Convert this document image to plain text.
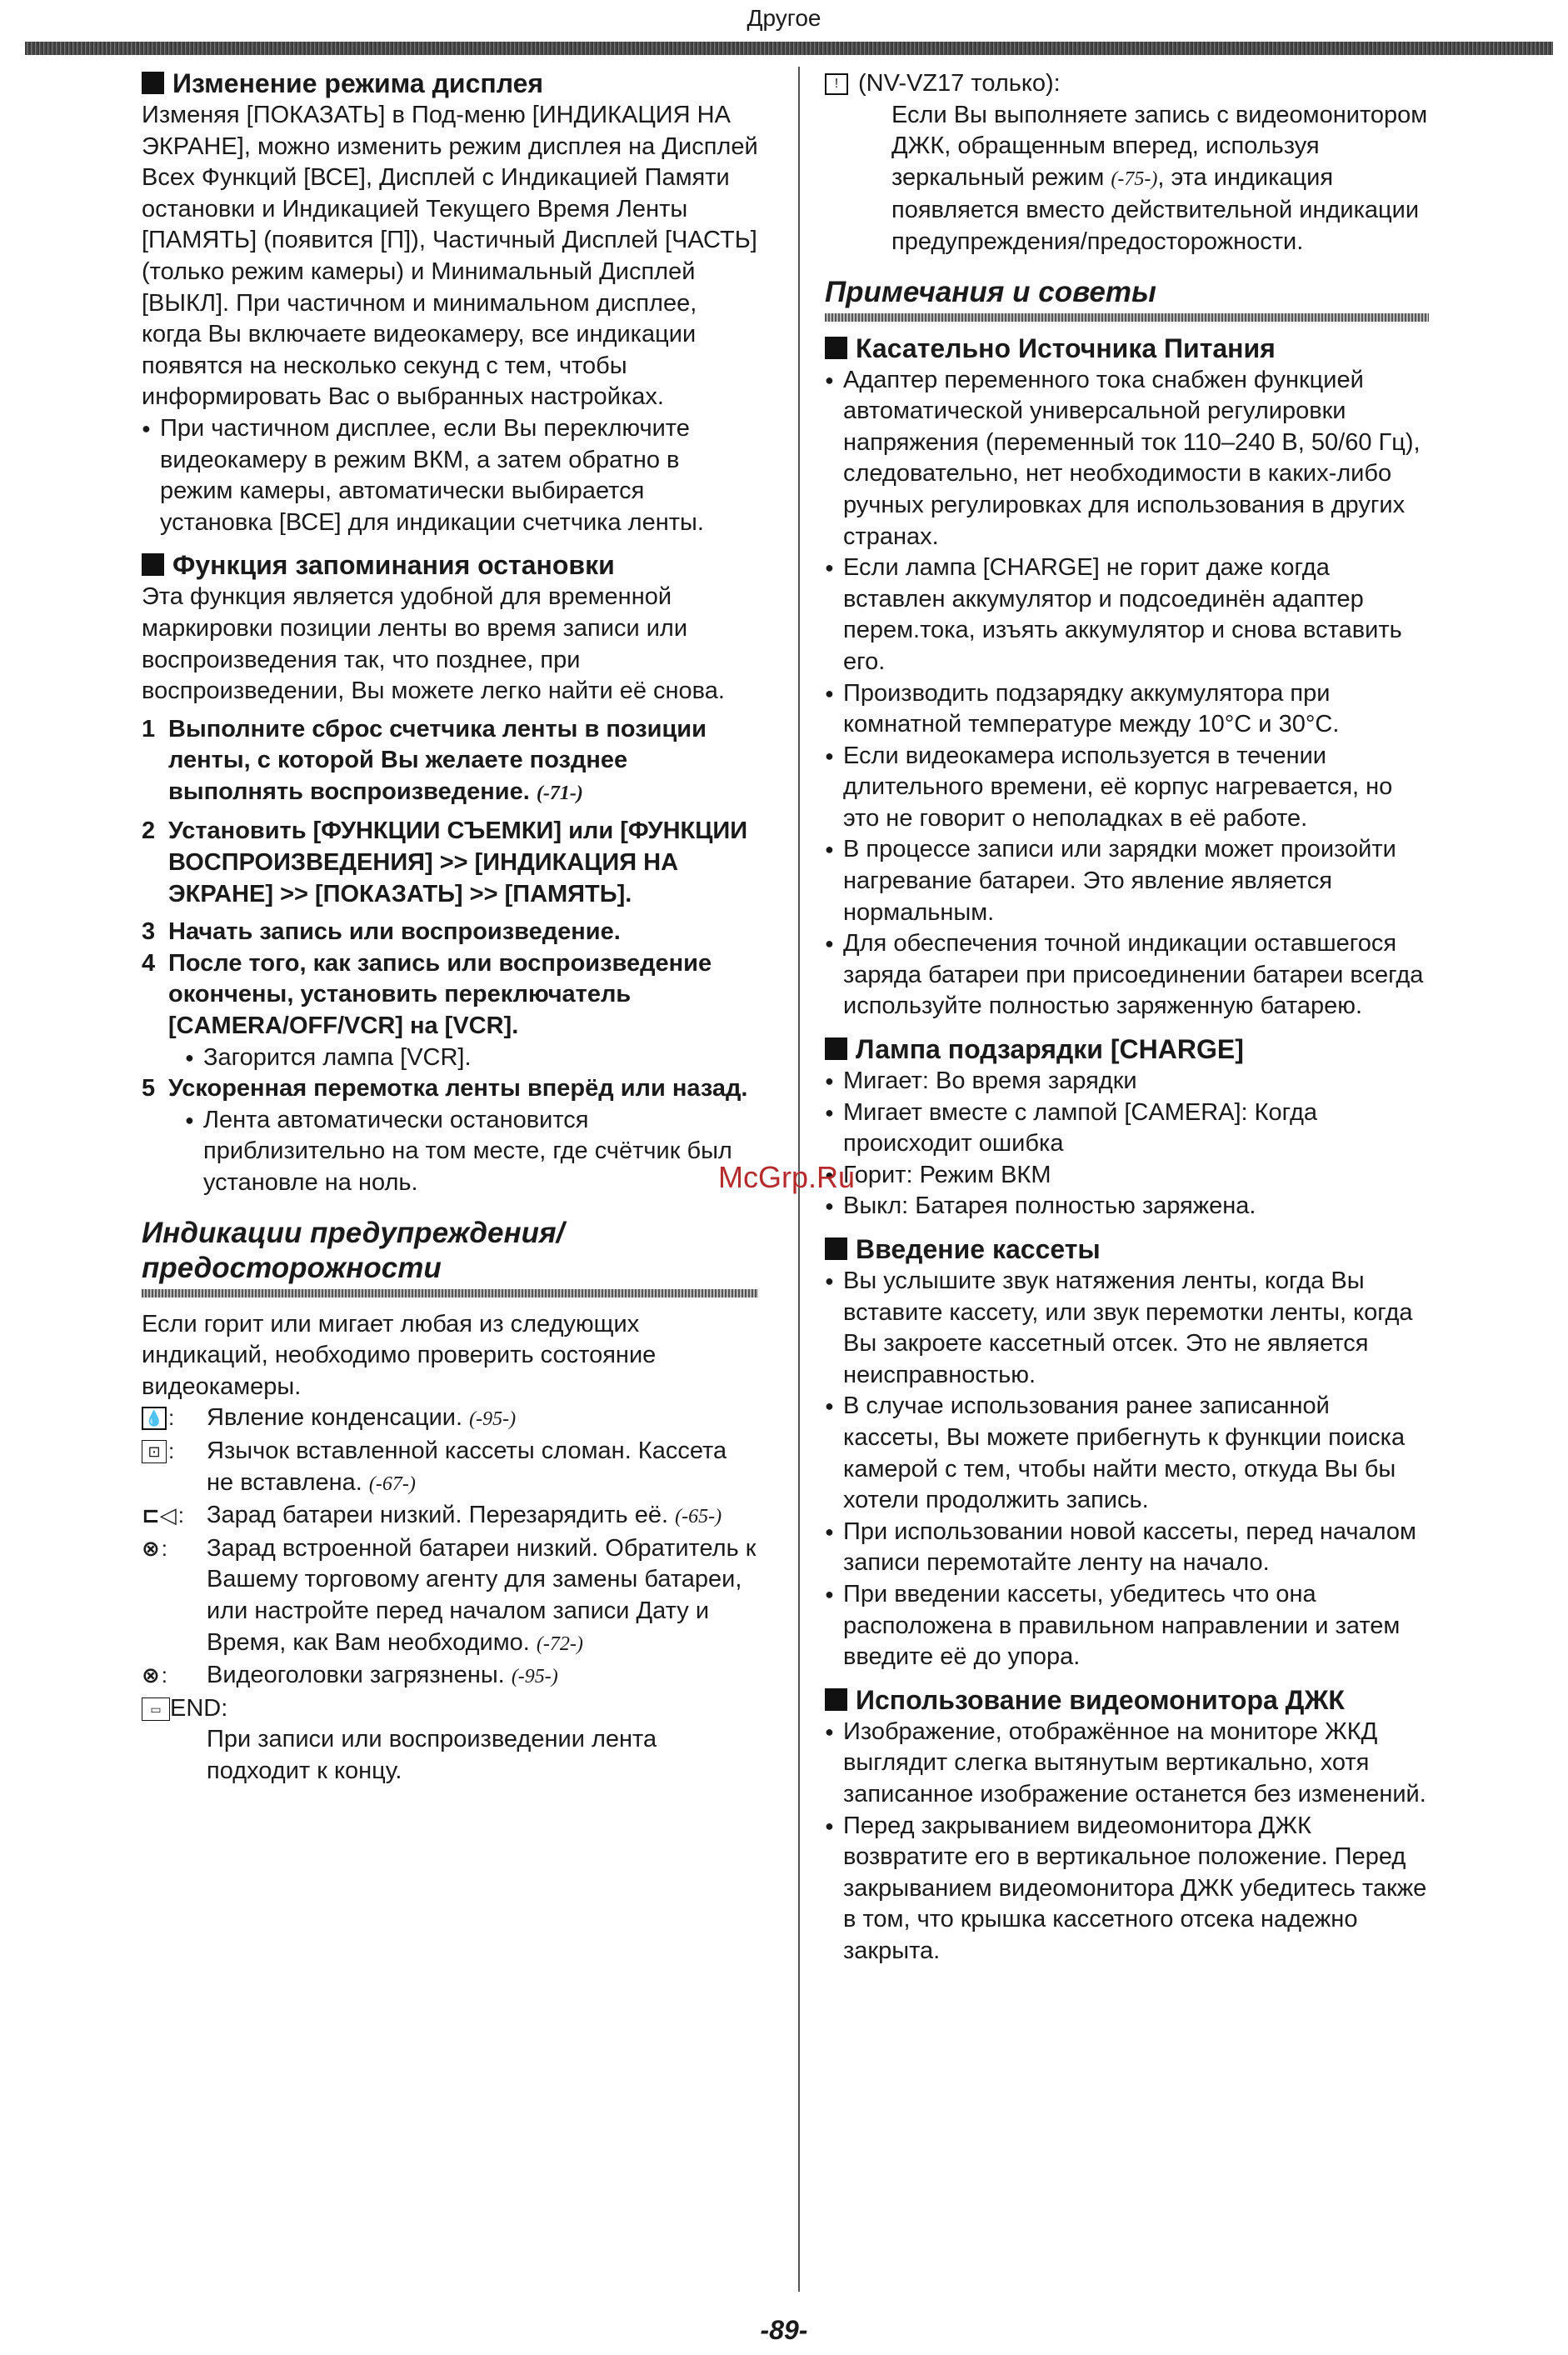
Другое
Изменение режима дисплея

Изменяя [ПОКАЗАТЬ] в Под-меню [ИНДИКАЦИЯ НА ЭКРАНЕ], можно изменить режим дисплея на Дисплей Всех Функций [ВСЕ], Дисплей с Индикацией Памяти остановки и Индикацией Текущего Время Ленты [ПАМЯТЬ] (появится [П]), Частичный Дисплей [ЧАСТЬ] (только режим камеры) и Минимальный Дисплей [ВЫКЛ]. При частичном и минимальном дисплее, когда Вы включаете видеокамеру, все индикации появятся на несколько секунд с тем, чтобы информировать Вас о выбранных настройках.

● При частичном дисплее, если Вы переключите видеокамеру в режим ВКМ, а затем обратно в режим камеры, автоматически выбирается установка [ВСЕ] для индикации счетчика ленты.

Функция запоминания остановки

Эта функция является удобной для временной маркировки позиции ленты во время записи или воспроизведения так, что позднее, при воспроизведении, Вы можете легко найти её снова.

1 Выполните сброс счетчика ленты в позиции ленты, с которой Вы желаете позднее выполнять воспроизведение. (-71-)

2 Установить [ФУНКЦИИ СЪЕМКИ] или [ФУНКЦИИ ВОСПРОИЗВЕДЕНИЯ] >> [ИНДИКАЦИЯ НА ЭКРАНЕ] >> [ПОКАЗАТЬ] >> [ПАМЯТЬ].

3 Начать запись или воспроизведение.

4 После того, как запись или воспроизведение окончены, установить переключатель [CAMERA/OFF/VCR] на [VCR].

● Загорится лампа [VCR].

5 Ускоренная перемотка ленты вперёд или назад.

● Лента автоматически остановится приблизительно на том месте, где счётчик был установле на ноль.

Индикации предупреждения/
предосторожности

Если горит или мигает любая из следующих индикаций, необходимо проверить состояние видеокамеры.

💧 : Явление конденсации. (-95-)
⊡ : Язычок вставленной кассеты сломан. Кассета не вставлена. (-67-)
⊏◁ : Зарад батареи низкий. Перезарядить её. (-65-)
⊗ : Зарад встроенной батареи низкий. Обратитель к Вашему торговому агенту для замены батареи, или настройте перед началом записи Дату и Время, как Вам необходимо. (-72-)
⊗ : Видеоголовки загрязнены. (-95-)
▭ END:

При записи или воспроизведении лента подходит к концу.

! (NV-VZ17 только):

Если Вы выполняете запись с видеомонитором ДЖК, обращенным вперед, используя зеркальный режим (-75-), эта индикация появляется вместо действительной индикации предупреждения/предосторожности.

Примечания и советы
Касательно Источника Питания

● Адаптер переменного тока снабжен функцией автоматической универсальной регулировки напряжения (переменный ток 110–240 В, 50/60 Гц), следовательно, нет необходимости в каких-либо ручных регулировках для использования в других странах.

● Если лампа [CHARGE] не горит даже когда вставлен аккумулятор и подсоединён адаптер перем.тока, изъять аккумулятор и снова вставить его.

● Производить подзарядку аккумулятора при комнатной температуре между 10°C и 30°C.

● Если видеокамера используется в течении длительного времени, её корпус нагревается, но это не говорит о неполадках в её работе.

● В процессе записи или зарядки может произойти нагревание батареи. Это явление является нормальным.

● Для обеспечения точной индикации оставшегося заряда батареи при присоединении батареи всегда используйте полностью заряженную батарею.

Лампа подзарядки [CHARGE]

● Мигает: Во время зарядки

● Мигает вместе с лампой [CAMERA]: Когда происходит ошибка

● Горит: Режим ВКМ

● Выкл: Батарея полностью заряжена.

Введение кассеты

● Вы услышите звук натяжения ленты, когда Вы вставите кассету, или звук перемотки ленты, когда Вы закроете кассетный отсек. Это не является неисправностью.

● В случае использования ранее записанной кассеты, Вы можете прибегнуть к функции поиска камерой с тем, чтобы найти место, откуда Вы бы хотели продолжить запись.

● При использовании новой кассеты, перед началом записи перемотайте ленту на начало.

● При введении кассеты, убедитесь что она расположена в правильном направлении и затем введите её до упора.

Использование видеомонитора ДЖК

● Изображение, отображённое на мониторе ЖКД выглядит слегка вытянутым вертикально, хотя записанное изображение останется без изменений.

● Перед закрыванием видеомонитора ДЖК возвратите его в вертикальное положение. Перед закрыванием видеомонитора ДЖК убедитесь также в том, что крышка кассетного отсека надежно закрыта.

McGrp.Ru
-89-
